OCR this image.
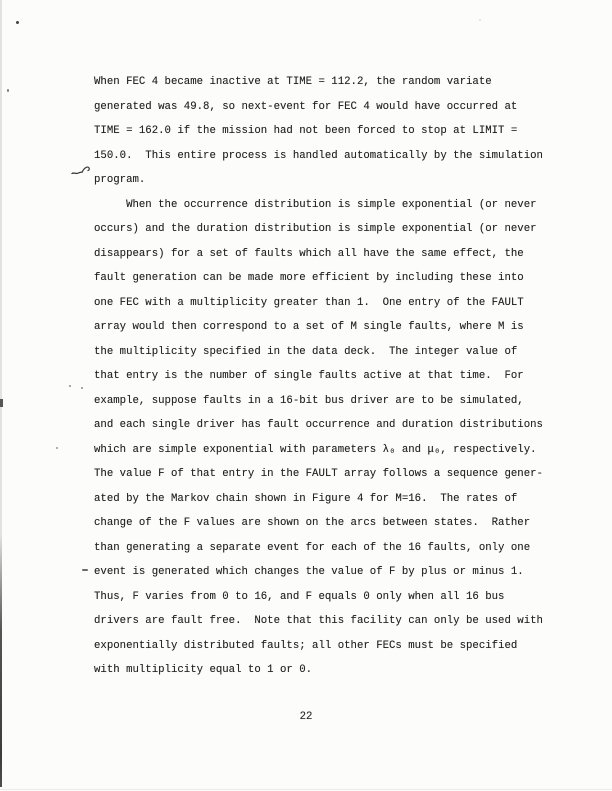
When FEC 4 became inactive at TIME = 112.2, the random variate
generated was 49.8, so next-event for FEC 4 would have occurred at
TIME = 162.0 if the mission had not been forced to stop at LIMIT =
150.0.  This entire process is handled automatically by the simulation
program.
When the occurrence distribution is simple exponential (or never
occurs) and the duration distribution is simple exponential (or never
disappears) for a set of faults which all have the same effect, the
fault generation can be made more efficient by including these into
one FEC with a multiplicity greater than 1.  One entry of the FAULT
array would then correspond to a set of M single faults, where M is
the multiplicity specified in the data deck.  The integer value of
that entry is the number of single faults active at that time.  For
example, suppose faults in a 16-bit bus driver are to be simulated,
and each single driver has fault occurrence and duration distributions
which are simple exponential with parameters λ₀ and μ₀, respectively.
The value F of that entry in the FAULT array follows a sequence gener-
ated by the Markov chain shown in Figure 4 for M=16.  The rates of
change of the F values are shown on the arcs between states.  Rather
than generating a separate event for each of the 16 faults, only one
event is generated which changes the value of F by plus or minus 1.
Thus, F varies from 0 to 16, and F equals 0 only when all 16 bus
drivers are fault free.  Note that this facility can only be used with
exponentially distributed faults; all other FECs must be specified
with multiplicity equal to 1 or 0.
22
